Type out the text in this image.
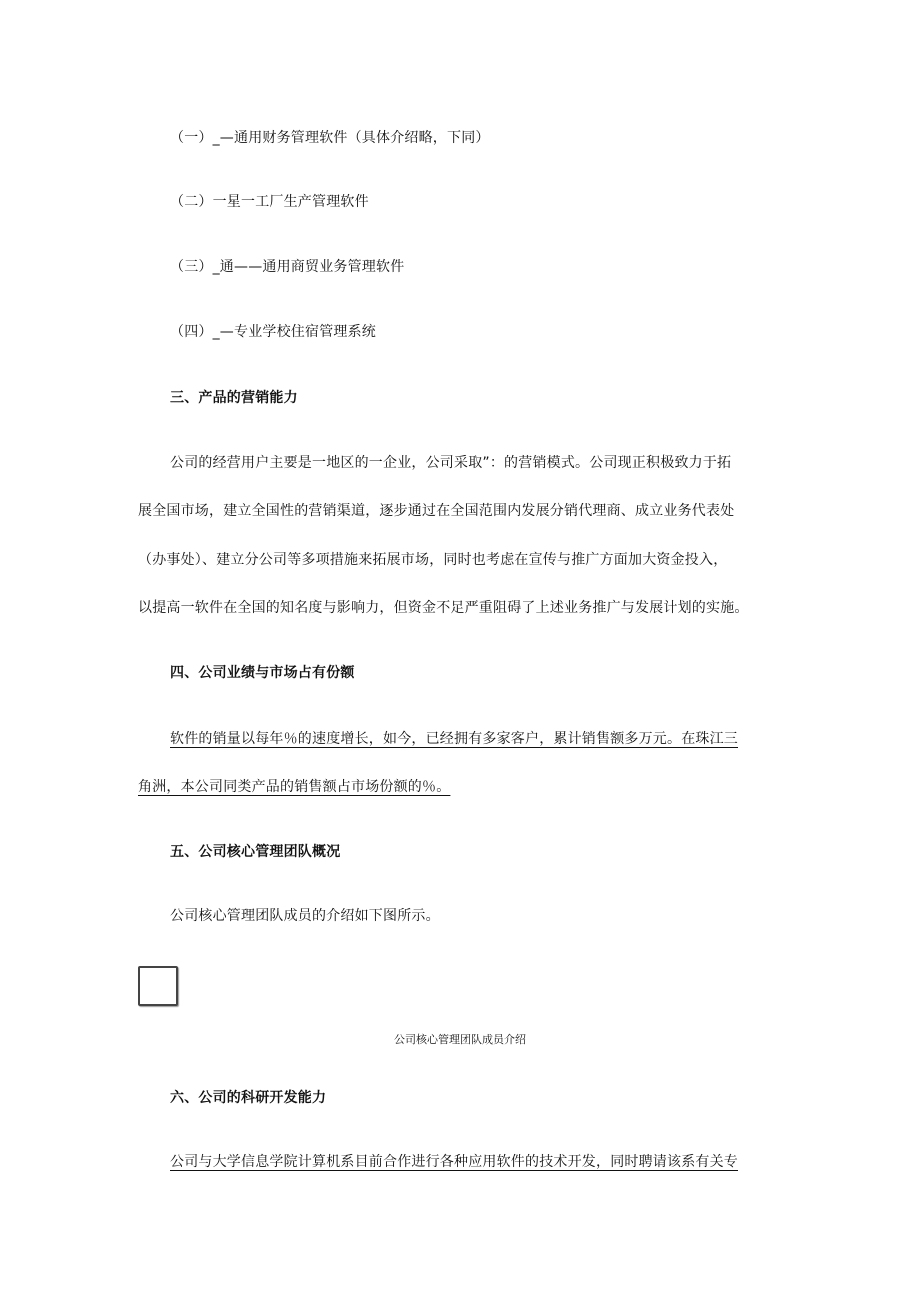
（一）_—通用财务管理软件（具体介绍略，下同）
（二）一星一工厂生产管理软件
（三）_通——通用商贸业务管理软件
（四）_—专业学校住宿管理系统
三、产品的营销能力
公司的经营用户主要是一地区的一企业，公司采取”：的营销模式。公司现正积极致力于拓
展全国市场，建立全国性的营销渠道，逐步通过在全国范围内发展分销代理商、成立业务代表处
（办事处）、建立分公司等多项措施来拓展市场，同时也考虑在宣传与推广方面加大资金投入，
以提高一软件在全国的知名度与影响力，但资金不足严重阻碍了上述业务推广与发展计划的实施。
四、公司业绩与市场占有份额
软件的销量以每年％的速度增长，如今，已经拥有多家客户，累计销售额多万元。在珠江三
角洲，本公司同类产品的销售额占市场份额的％。
五、公司核心管理团队概况
公司核心管理团队成员的介绍如下图所示。
公司核心管理团队成员介绍
六、公司的科研开发能力
公司与大学信息学院计算机系目前合作进行各种应用软件的技术开发，同时聘请该系有关专
